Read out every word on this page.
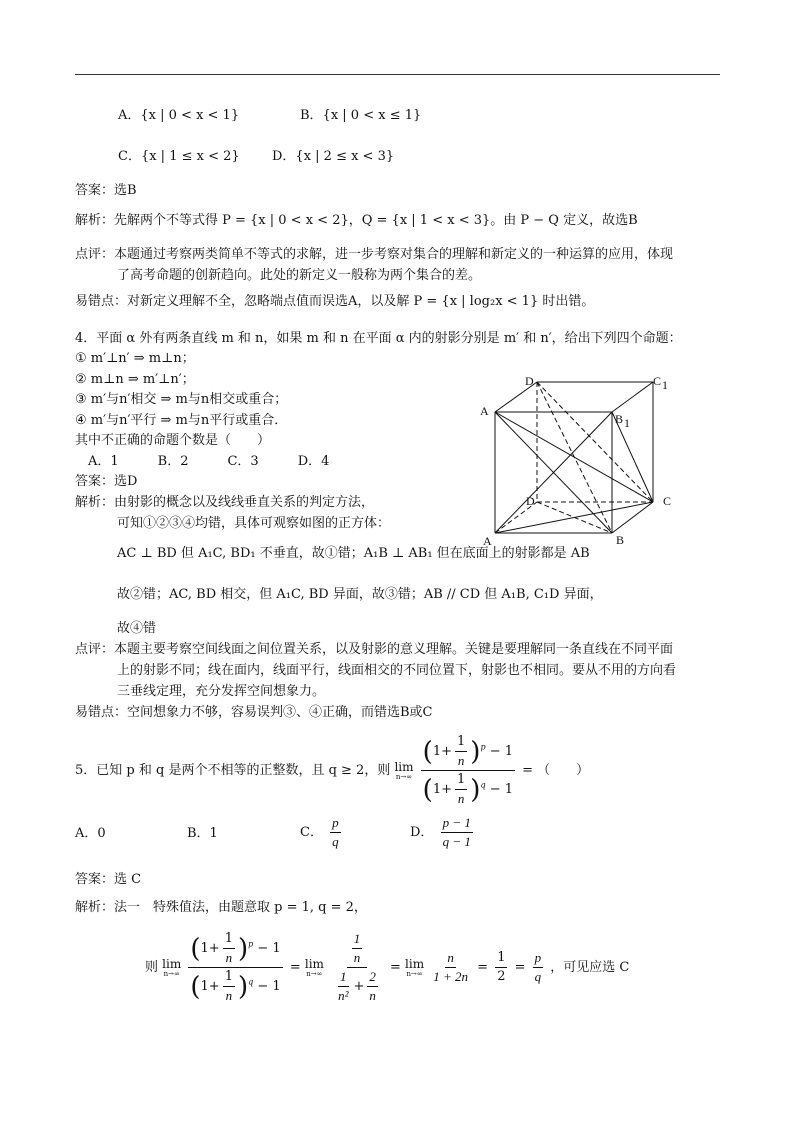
A．{x | 0 < x < 1}	B．{x | 0 < x ≤ 1}
C．{x | 1 ≤ x < 2} D．{x | 2 ≤ x < 3}
答案：选B
解析：先解两个不等式得 P = {x | 0 < x < 2}，Q = {x | 1 < x < 3}。由 P − Q 定义，故选B
点评：本题通过考察两类简单不等式的求解，进一步考察对集合的理解和新定义的一种运算的应用，体现
了高考命题的创新趋向。此处的新定义一般称为两个集合的差。
易错点：对新定义理解不全，忽略端点值而误选A，以及解 P = {x | log₂x < 1} 时出错。
4．平面 α 外有两条直线 m 和 n，如果 m 和 n 在平面 α 内的射影分别是 m′ 和 n′，给出下列四个命题：
① m′⊥n′ ⇒ m⊥n；
② m⊥n ⇒ m′⊥n′；
③ m′与n′相交 ⇒ m与n相交或重合；
④ m′与n′平行 ⇒ m与n平行或重合．
其中不正确的命题个数是（　　）
A．1　　　B．2　　　C．3　　　D．4
答案：选D
解析：由射影的概念以及线线垂直关系的判定方法，
可知①②③④均错，具体可观察如图的正方体：
AC ⊥ BD 但 A₁C, BD₁ 不垂直，故①错；A₁B ⊥ AB₁ 但在底面上的射影都是 AB
故②错；AC, BD 相交，但 A₁C, BD 异面，故③错；AB // CD 但 A₁B, C₁D 异面，
故④错
点评：本题主要考察空间线面之间位置关系，以及射影的意义理解。关键是要理解同一条直线在不同平面
上的射影不同；线在面内，线面平行，线面相交的不同位置下，射影也不相同。要从不用的方向看
三垂线定理，充分发挥空间想象力。
易错点：空间想象力不够，容易误判③、④正确，而错选B或C
D	C 1
A
B 1
D	C
A	B
5．已知 p 和 q 是两个不相等的正整数，且 q ≥ 2，则 lim
n→∞
$\frac{(1+ \frac{1}{n} )^p - 1}{(1+ \frac{1}{n} )^q - 1}$ = （　　）
A．0	B．1	C． $\frac{p}{q}$	D． $\frac{p - 1}{q - 1}$
答案：选 C
解析：法一　特殊值法，由题意取 p = 1, q = 2，
则 lim
n→∞
$\frac{(1+ \frac{1}{n} )^p - 1}{(1+ \frac{1}{n} )^q - 1} = \lim$
n→∞
$\frac{\frac{1}{n}}{\frac{1}{\text{n²}} + \frac{2}{n}} = \lim$
n→∞
$\frac{n}{1 + 2n} = \frac{1}{2} = \frac{p}{q}$ ，可见应选 C
